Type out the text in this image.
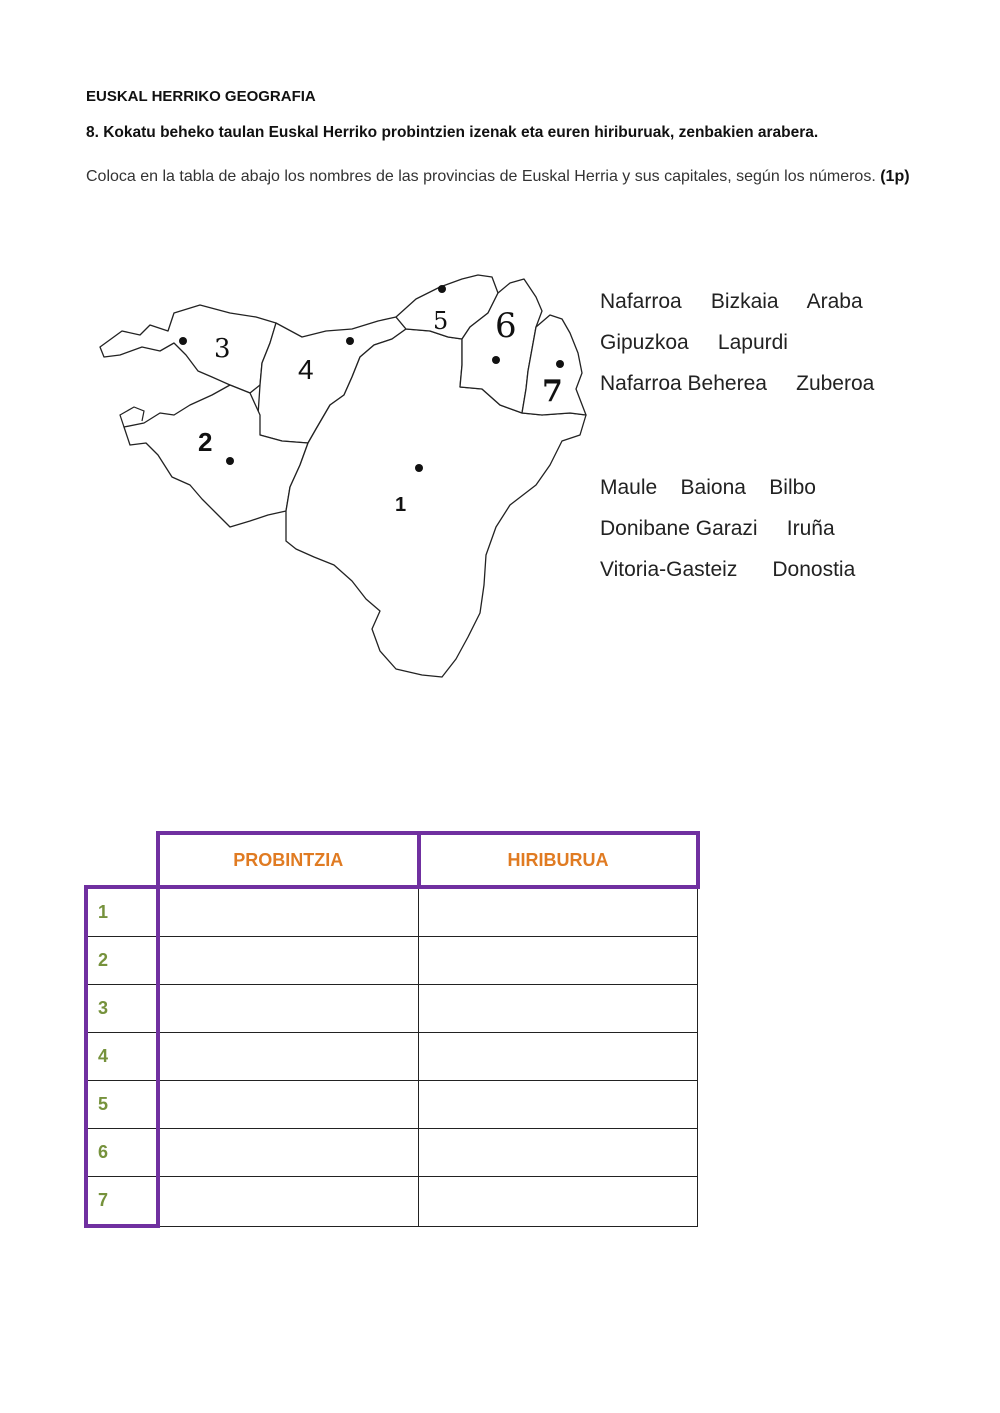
EUSKAL HERRIKO GEOGRAFIA
8. Kokatu beheko taulan Euskal Herriko probintzien izenak eta euren hiriburuak, zenbakien arabera.
Coloca en la tabla de abajo los nombres de las provincias de Euskal Herria y sus capitales, según los números. (1p)
1
2
3
4
5 6
7
Nafarroa Bizkaia Araba
Gipuzkoa Lapurdi
Nafarroa Beherea Zuberoa
Maule Baiona Bilbo
Donibane Garazi Iruña
Vitoria-Gasteiz Donostia
	PROBINTZIA	HIRIBURUA
1		
2		
3		
4		
5		
6		
7		
